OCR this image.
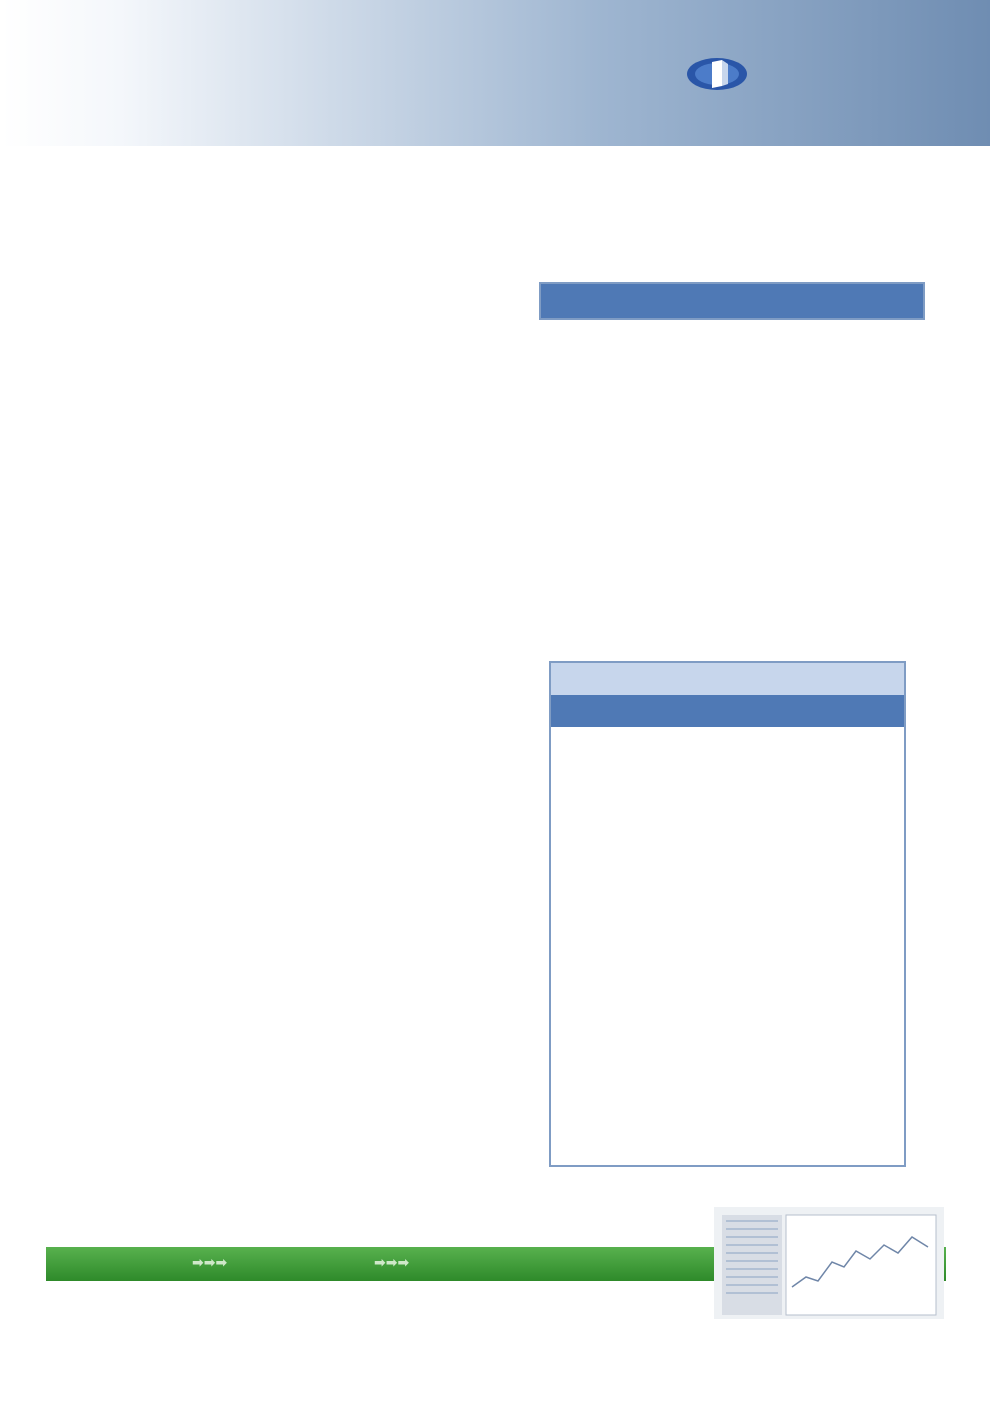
➡➡➡	➡➡➡
